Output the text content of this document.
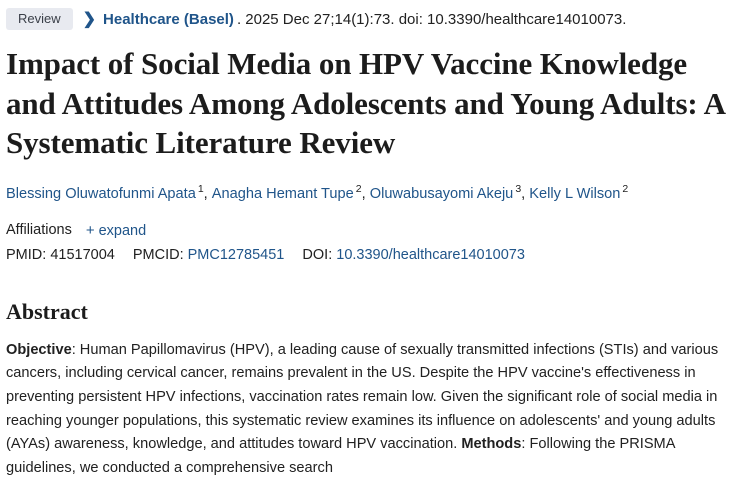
Review	❯ Healthcare (Basel) . 2025 Dec 27;14(1):73. doi: 10.3390/healthcare14010073.
Impact of Social Media on HPV Vaccine Knowledge and Attitudes Among Adolescents and Young Adults: A Systematic Literature Review
Blessing Oluwatofunmi Apata $^1$, Anagha Hemant Tupe $^2$, Oluwabusayomi Akeju $^3$, Kelly L Wilson $^2$
Affiliations + expand
PMID: 41517004 PMCID: PMC12785451 DOI: 10.3390/healthcare14010073
Abstract
Objective: Human Papillomavirus (HPV), a leading cause of sexually transmitted infections (STIs) and various cancers, including cervical cancer, remains prevalent in the US. Despite the HPV vaccine's effectiveness in preventing persistent HPV infections, vaccination rates remain low. Given the significant role of social media in reaching younger populations, this systematic review examines its influence on adolescents' and young adults (AYAs) awareness, knowledge, and attitudes toward HPV vaccination. Methods: Following the PRISMA guidelines, we conducted a comprehensive search
